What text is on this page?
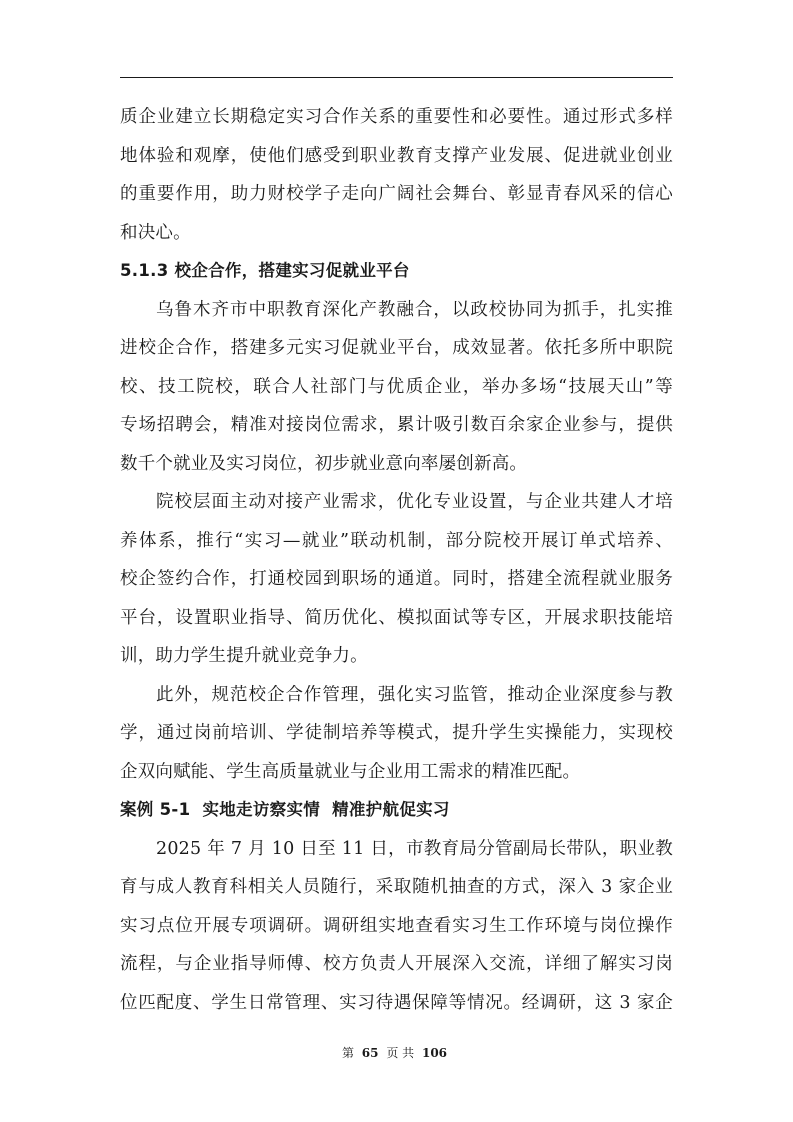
质企业建立长期稳定实习合作关系的重要性和必要性。通过形式多样
地体验和观摩，使他们感受到职业教育支撑产业发展、促进就业创业
的重要作用，助力财校学子走向广阔社会舞台、彰显青春风采的信心
和决心。
5.1.3 校企合作，搭建实习促就业平台
乌鲁木齐市中职教育深化产教融合，以政校协同为抓手，扎实推
进校企合作，搭建多元实习促就业平台，成效显著。依托多所中职院
校、技工院校，联合人社部门与优质企业，举办多场“技展天山”等
专场招聘会，精准对接岗位需求，累计吸引数百余家企业参与，提供
数千个就业及实习岗位，初步就业意向率屡创新高。
院校层面主动对接产业需求，优化专业设置，与企业共建人才培
养体系，推行“实习—就业”联动机制，部分院校开展订单式培养、
校企签约合作，打通校园到职场的通道。同时，搭建全流程就业服务
平台，设置职业指导、简历优化、模拟面试等专区，开展求职技能培
训，助力学生提升就业竞争力。
此外，规范校企合作管理，强化实习监管，推动企业深度参与教
学，通过岗前培训、学徒制培养等模式，提升学生实操能力，实现校
企双向赋能、学生高质量就业与企业用工需求的精准匹配。
案例 5-1  实地走访察实情  精准护航促实习
2025 年 7 月 10 日至 11 日，市教育局分管副局长带队，职业教
育与成人教育科相关人员随行，采取随机抽查的方式，深入 3 家企业
实习点位开展专项调研。调研组实地查看实习生工作环境与岗位操作
流程，与企业指导师傅、校方负责人开展深入交流，详细了解实习岗
位匹配度、学生日常管理、实习待遇保障等情况。经调研，这 3 家企
第 65 页 共 106
